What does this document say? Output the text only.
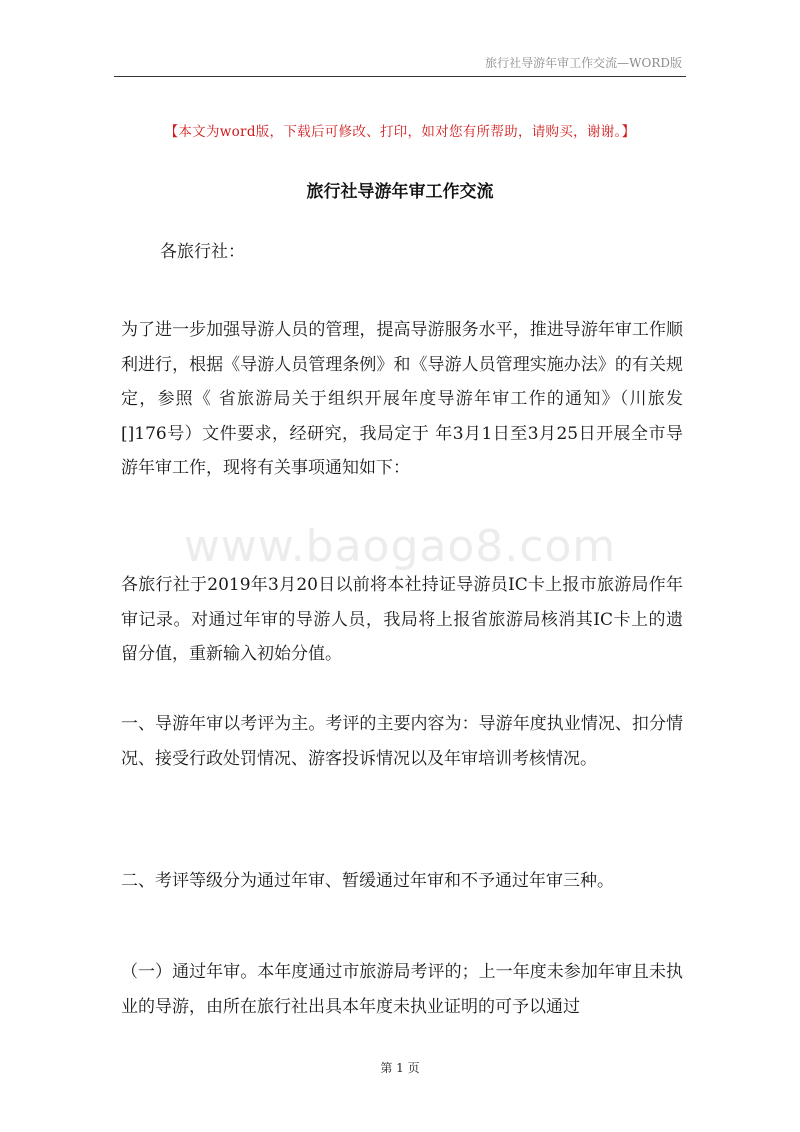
旅行社导游年审工作交流—WORD版
【本文为word版，下载后可修改、打印，如对您有所帮助，请购买，谢谢。】
旅行社导游年审工作交流
各旅行社：
为了进一步加强导游人员的管理，提高导游服务水平，推进导游年审工作顺利进行，根据《导游人员管理条例》和《导游人员管理实施办法》的有关规定，参照《 省旅游局关于组织开展年度导游年审工作的通知》（川旅发[]176号）文件要求，经研究，我局定于 年3月1日至3月25日开展全市导游年审工作，现将有关事项通知如下：
www.baogao8.com
各旅行社于2019年3月20日以前将本社持证导游员IC卡上报市旅游局作年审记录。对通过年审的导游人员，我局将上报省旅游局核消其IC卡上的遗留分值，重新输入初始分值。
一、导游年审以考评为主。考评的主要内容为：导游年度执业情况、扣分情况、接受行政处罚情况、游客投诉情况以及年审培训考核情况。
二、考评等级分为通过年审、暂缓通过年审和不予通过年审三种。
（一）通过年审。本年度通过市旅游局考评的；上一年度未参加年审且未执业的导游，由所在旅行社出具本年度未执业证明的可予以通过
第 1 页
